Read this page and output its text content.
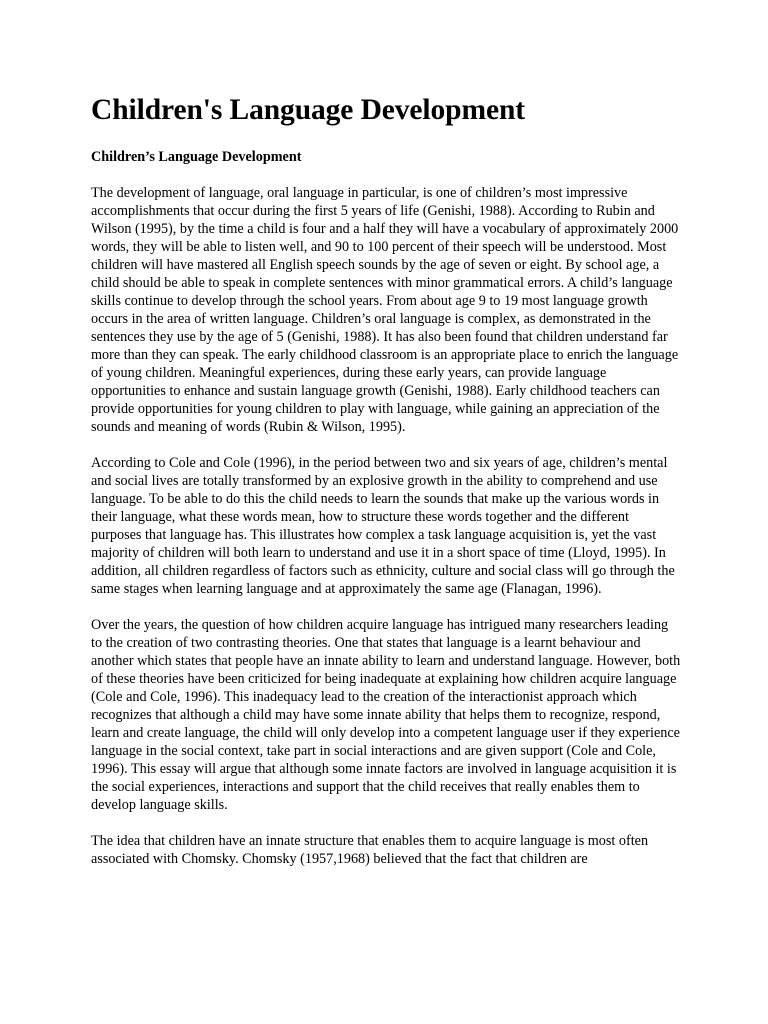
Children's Language Development
Children’s Language Development

The development of language, oral language in particular, is one of children’s most impressive accomplishments that occur during the first 5 years of life (Genishi, 1988). According to Rubin and Wilson (1995), by the time a child is four and a half they will have a vocabulary of approximately 2000 words, they will be able to listen well, and 90 to 100 percent of their speech will be understood. Most children will have mastered all English speech sounds by the age of seven or eight. By school age, a child should be able to speak in complete sentences with minor grammatical errors. A child’s language skills continue to develop through the school years. From about age 9 to 19 most language growth occurs in the area of written language. Children’s oral language is complex, as demonstrated in the sentences they use by the age of 5 (Genishi, 1988). It has also been found that children understand far more than they can speak. The early childhood classroom is an appropriate place to enrich the language of young children. Meaningful experiences, during these early years, can provide language opportunities to enhance and sustain language growth (Genishi, 1988). Early childhood teachers can provide opportunities for young children to play with language, while gaining an appreciation of the sounds and meaning of words (Rubin & Wilson, 1995).

According to Cole and Cole (1996), in the period between two and six years of age, children’s mental and social lives are totally transformed by an explosive growth in the ability to comprehend and use language. To be able to do this the child needs to learn the sounds that make up the various words in their language, what these words mean, how to structure these words together and the different purposes that language has. This illustrates how complex a task language acquisition is, yet the vast majority of children will both learn to understand and use it in a short space of time (Lloyd, 1995). In addition, all children regardless of factors such as ethnicity, culture and social class will go through the same stages when learning language and at approximately the same age (Flanagan, 1996).

Over the years, the question of how children acquire language has intrigued many researchers leading to the creation of two contrasting theories. One that states that language is a learnt behaviour and another which states that people have an innate ability to learn and understand language. However, both of these theories have been criticized for being inadequate at explaining how children acquire language (Cole and Cole, 1996). This inadequacy lead to the creation of the interactionist approach which recognizes that although a child may have some innate ability that helps them to recognize, respond, learn and create language, the child will only develop into a competent language user if they experience language in the social context, take part in social interactions and are given support (Cole and Cole, 1996). This essay will argue that although some innate factors are involved in language acquisition it is the social experiences, interactions and support that the child receives that really enables them to develop language skills.

The idea that children have an innate structure that enables them to acquire language is most often associated with Chomsky. Chomsky (1957,1968) believed that the fact that children are
